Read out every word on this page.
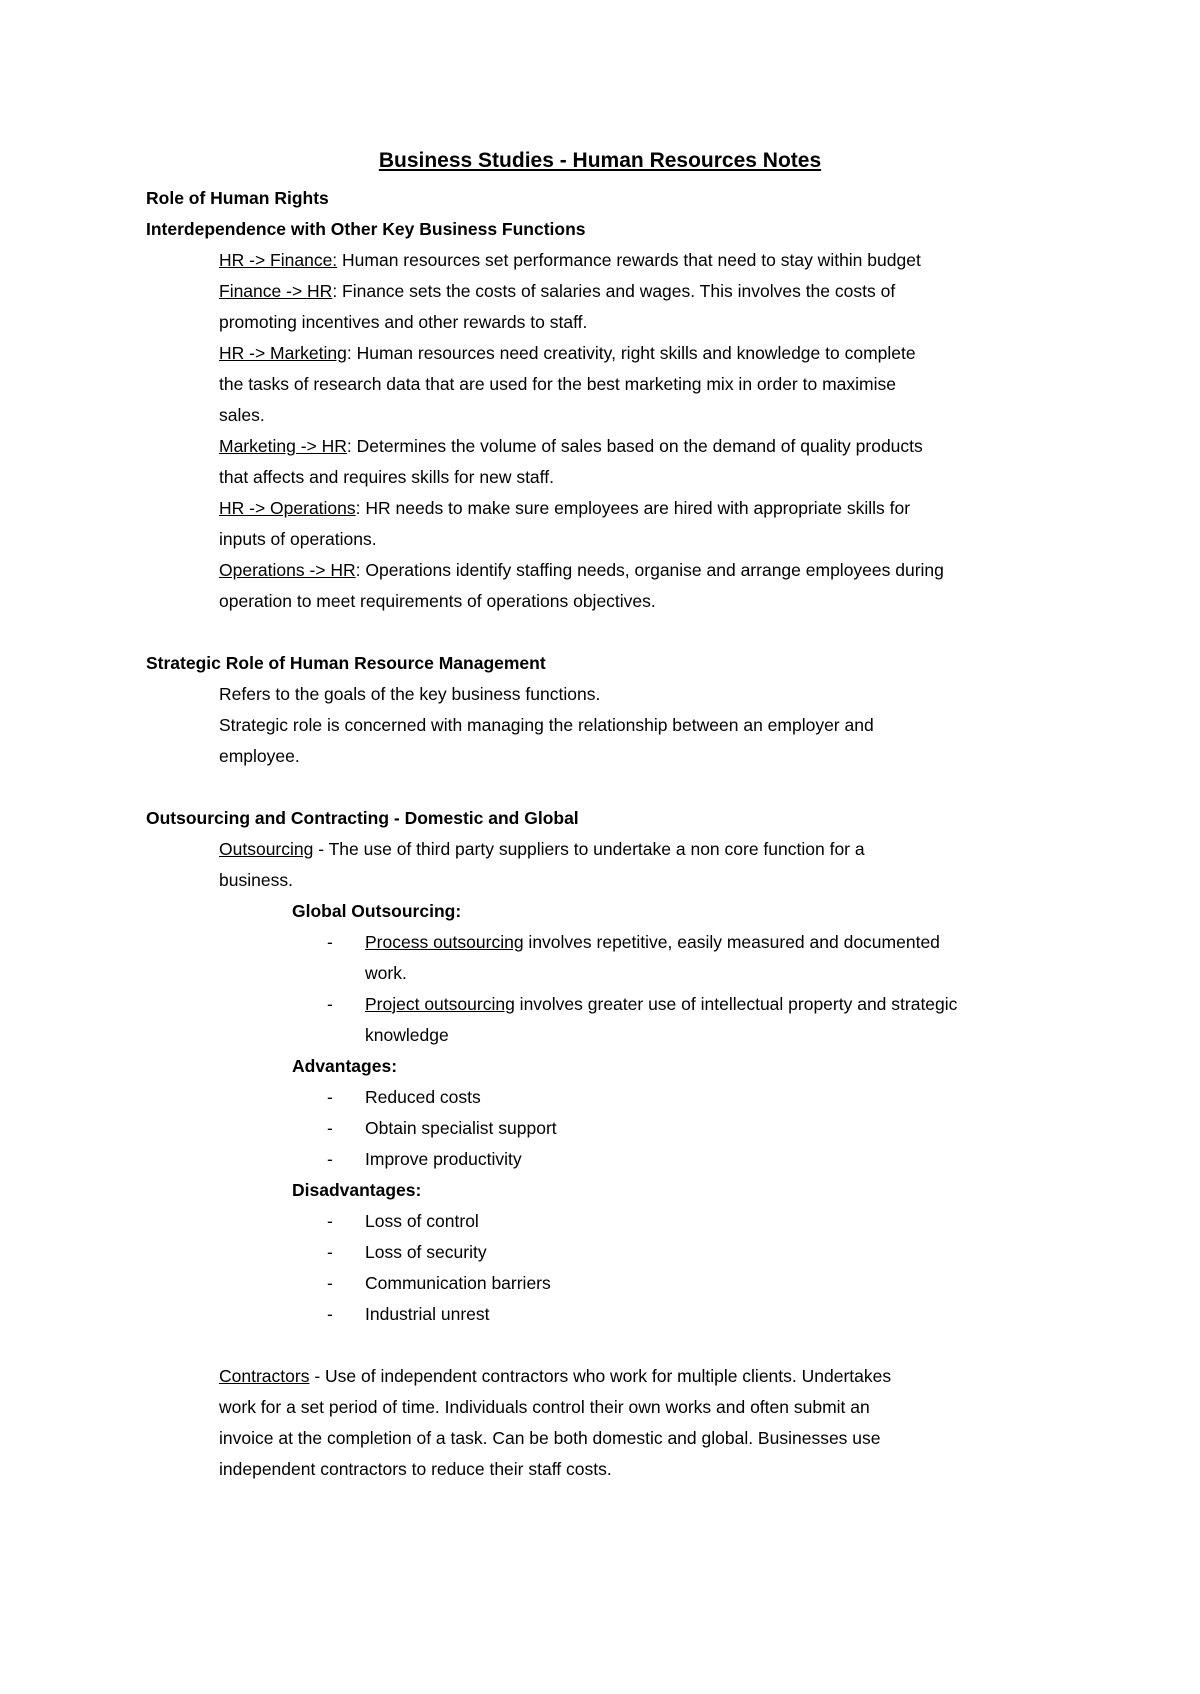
Business Studies - Human Resources Notes

Role of Human Rights

Interdependence with Other Key Business Functions

HR -> Finance: Human resources set performance rewards that need to stay within budget

Finance -> HR: Finance sets the costs of salaries and wages. This involves the costs of

promoting incentives and other rewards to staff.

HR -> Marketing: Human resources need creativity, right skills and knowledge to complete

the tasks of research data that are used for the best marketing mix in order to maximise

sales.

Marketing -> HR: Determines the volume of sales based on the demand of quality products

that affects and requires skills for new staff.

HR -> Operations: HR needs to make sure employees are hired with appropriate skills for

inputs of operations.

Operations -> HR: Operations identify staffing needs, organise and arrange employees during

operation to meet requirements of operations objectives.

Strategic Role of Human Resource Management

Refers to the goals of the key business functions.

Strategic role is concerned with managing the relationship between an employer and

employee.

Outsourcing and Contracting - Domestic and Global

Outsourcing - The use of third party suppliers to undertake a non core function for a

business.

Global Outsourcing:

- Process outsourcing involves repetitive, easily measured and documented

work.

- Project outsourcing involves greater use of intellectual property and strategic

knowledge

Advantages:

- Reduced costs

- Obtain specialist support

- Improve productivity

Disadvantages:

- Loss of control

- Loss of security

- Communication barriers

- Industrial unrest

Contractors - Use of independent contractors who work for multiple clients. Undertakes

work for a set period of time. Individuals control their own works and often submit an

invoice at the completion of a task. Can be both domestic and global. Businesses use

independent contractors to reduce their staff costs.
